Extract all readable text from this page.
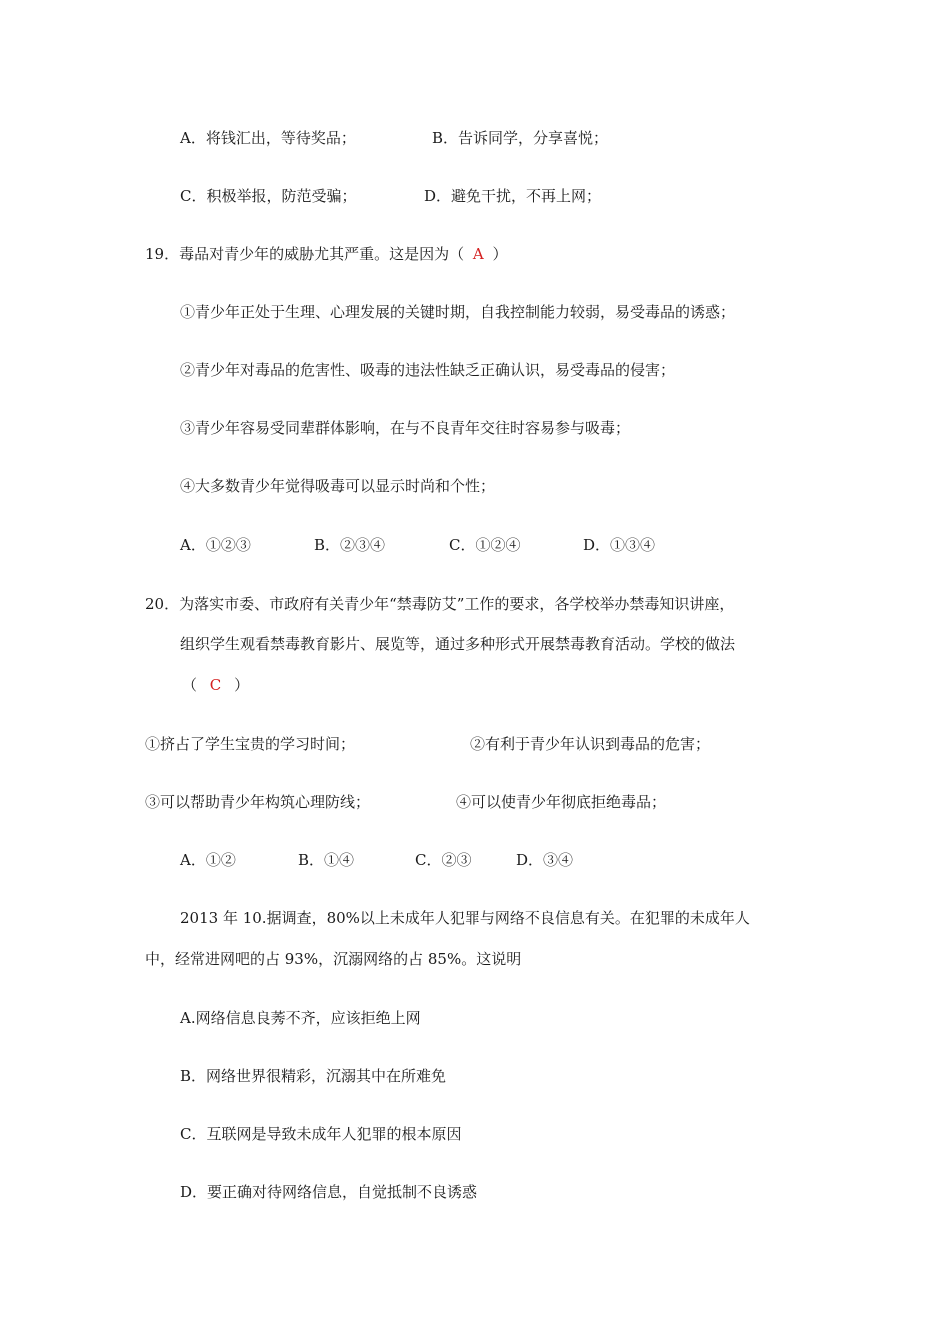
A．将钱汇出，等待奖品；	B．告诉同学，分享喜悦；
C．积极举报，防范受骗；	D．避免干扰，不再上网；
19．毒品对青少年的威胁尤其严重。这是因为（ A ）
①青少年正处于生理、心理发展的关键时期，自我控制能力较弱，易受毒品的诱惑；
②青少年对毒品的危害性、吸毒的违法性缺乏正确认识，易受毒品的侵害；
③青少年容易受同辈群体影响，在与不良青年交往时容易参与吸毒；
④大多数青少年觉得吸毒可以显示时尚和个性；
A．①②③	B．②③④	C．①②④	D．①③④
20．为落实市委、市政府有关青少年“禁毒防艾”工作的要求，各学校举办禁毒知识讲座，
组织学生观看禁毒教育影片、展览等，通过多种形式开展禁毒教育活动。学校的做法
（ C ）
①挤占了学生宝贵的学习时间；	②有利于青少年认识到毒品的危害；
③可以帮助青少年构筑心理防线；	④可以使青少年彻底拒绝毒品；
A．①②	B．①④	C．②③	D．③④
2013 年 10.据调查，80%以上未成年人犯罪与网络不良信息有关。在犯罪的未成年人
中，经常进网吧的占 93%，沉溺网络的占 85%。这说明
A.网络信息良莠不齐，应该拒绝上网
B．网络世界很精彩，沉溺其中在所难免
C．互联网是导致未成年人犯罪的根本原因
D．要正确对待网络信息，自觉抵制不良诱惑
